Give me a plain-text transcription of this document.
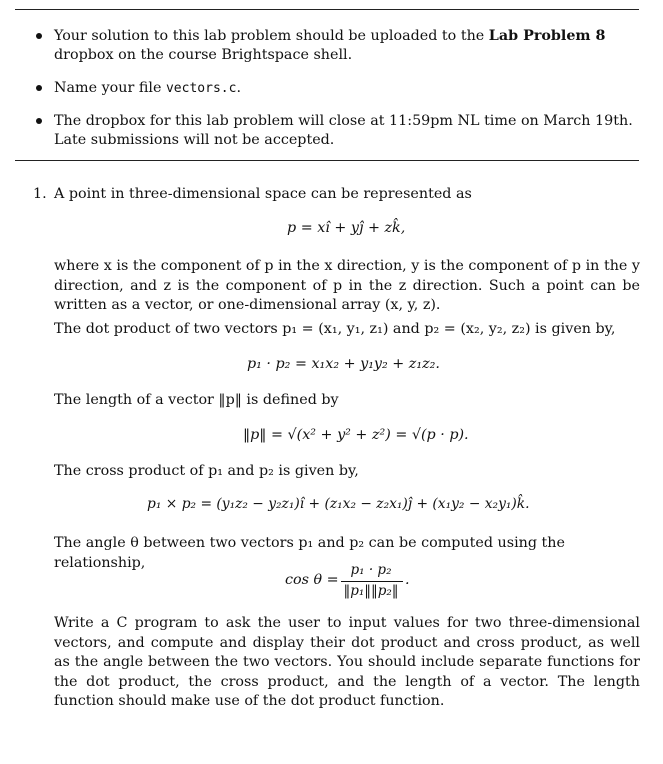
Your solution to this lab problem should be uploaded to the Lab Problem 8 dropbox on the course Brightspace shell.
Name your file vectors.c.
The dropbox for this lab problem will close at 11:59pm NL time on March 19th. Late submissions will not be accepted.
1. A point in three-dimensional space can be represented as
p = xî + yĵ + zk̂,
where x is the component of p in the x direction, y is the component of p in the y direction, and z is the component of p in the z direction. Such a point can be written as a vector, or one-dimensional array (x, y, z).
The dot product of two vectors p₁ = (x₁, y₁, z₁) and p₂ = (x₂, y₂, z₂) is given by,
p₁ · p₂ = x₁x₂ + y₁y₂ + z₁z₂.
The length of a vector ‖p‖ is defined by
‖p‖ = √(x² + y² + z²) = √(p · p).
The cross product of p₁ and p₂ is given by,
p₁ × p₂ = (y₁z₂ − y₂z₁)î + (z₁x₂ − z₂x₁)ĵ + (x₁y₂ − x₂y₁)k̂.
The angle θ between two vectors p₁ and p₂ can be computed using the relationship,
cos θ =
p₁ · p₂
‖p₁‖‖p₂‖
.
Write a C program to ask the user to input values for two three-dimensional vectors, and compute and display their dot product and cross product, as well as the angle between the two vectors. You should include separate functions for the dot product, the cross product, and the length of a vector. The length function should make use of the dot product function.
